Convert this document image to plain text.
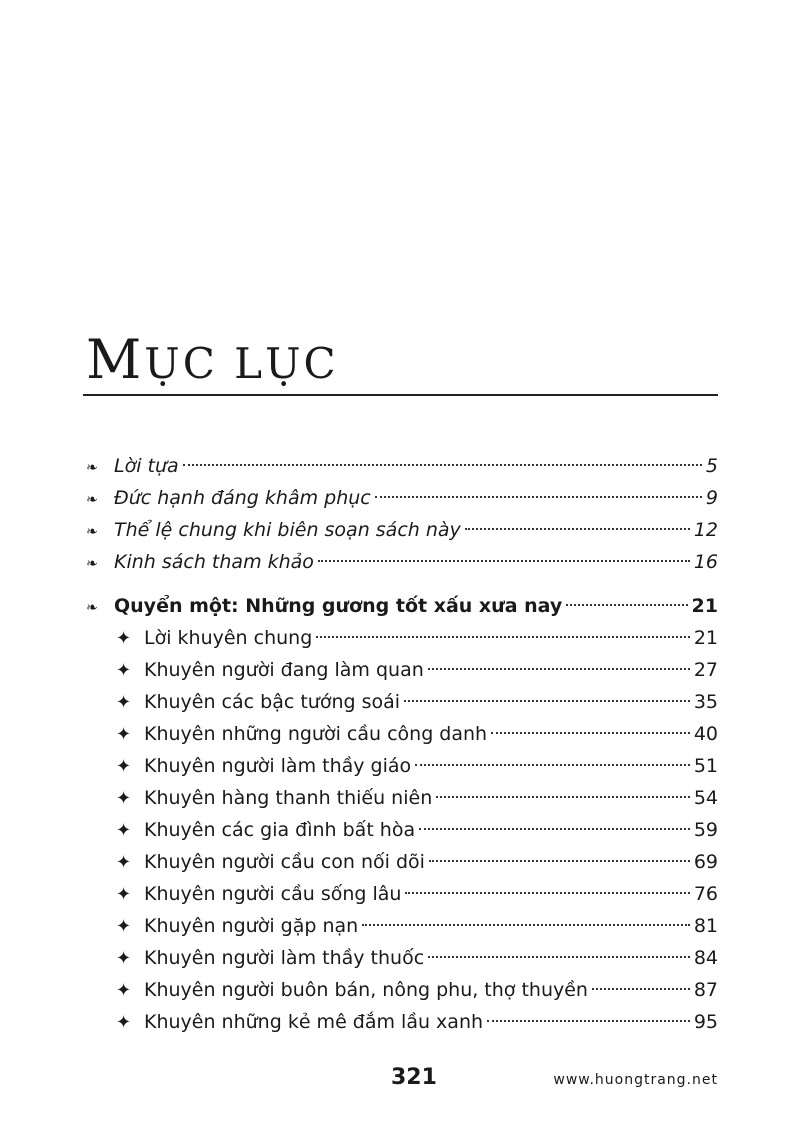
MỤC LỤC
❧ Lời tựa	5
❧ Đức hạnh đáng khâm phục	9
❧ Thể lệ chung khi biên soạn sách này	12
❧ Kinh sách tham khảo	16
❧ Quyển một: Những gương tốt xấu xưa nay	21
✦ Lời khuyên chung	21
✦ Khuyên người đang làm quan	27
✦ Khuyên các bậc tướng soái	35
✦ Khuyên những người cầu công danh	40
✦ Khuyên người làm thầy giáo	51
✦ Khuyên hàng thanh thiếu niên	54
✦ Khuyên các gia đình bất hòa	59
✦ Khuyên người cầu con nối dõi	69
✦ Khuyên người cầu sống lâu	76
✦ Khuyên người gặp nạn	81
✦ Khuyên người làm thầy thuốc	84
✦ Khuyên người buôn bán, nông phu, thợ thuyền	87
✦ Khuyên những kẻ mê đắm lầu xanh	95
321	www.huongtrang.net
